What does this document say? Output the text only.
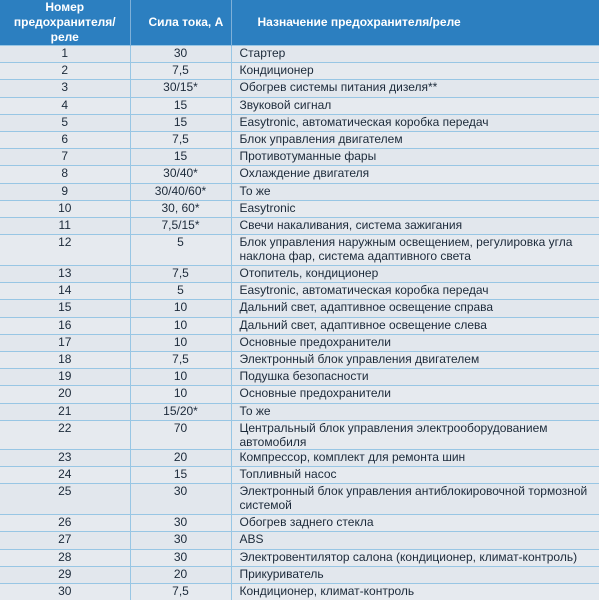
Номер предохранителя/реле	Сила тока, А	Назначение предохранителя/реле
1	30	Стартер
2	7,5	Кондиционер
3	30/15*	Обогрев системы питания дизеля**
4	15	Звуковой сигнал
5	15	Easytronic, автоматическая коробка передач
6	7,5	Блок управления двигателем
7	15	Противотуманные фары
8	30/40*	Охлаждение двигателя
9	30/40/60*	То же
10	30, 60*	Easytronic
11	7,5/15*	Свечи накаливания, система зажигания
12	5	Блок управления наружным освещением, регулировка угла наклона фар, система адаптивного света
13	7,5	Отопитель, кондиционер
14	5	Easytronic, автоматическая коробка передач
15	10	Дальний свет, адаптивное освещение справа
16	10	Дальний свет, адаптивное освещение слева
17	10	Основные предохранители
18	7,5	Электронный блок управления двигателем
19	10	Подушка безопасности
20	10	Основные предохранители
21	15/20*	То же
22	70	Центральный блок управления электрооборудованием автомобиля
23	20	Компрессор, комплект для ремонта шин
24	15	Топливный насос
25	30	Электронный блок управления антиблокировочной тормозной системой
26	30	Обогрев заднего стекла
27	30	ABS
28	30	Электровентилятор салона (кондиционер, климат-контроль)
29	20	Прикуриватель
30	7,5	Кондиционер, климат-контроль
